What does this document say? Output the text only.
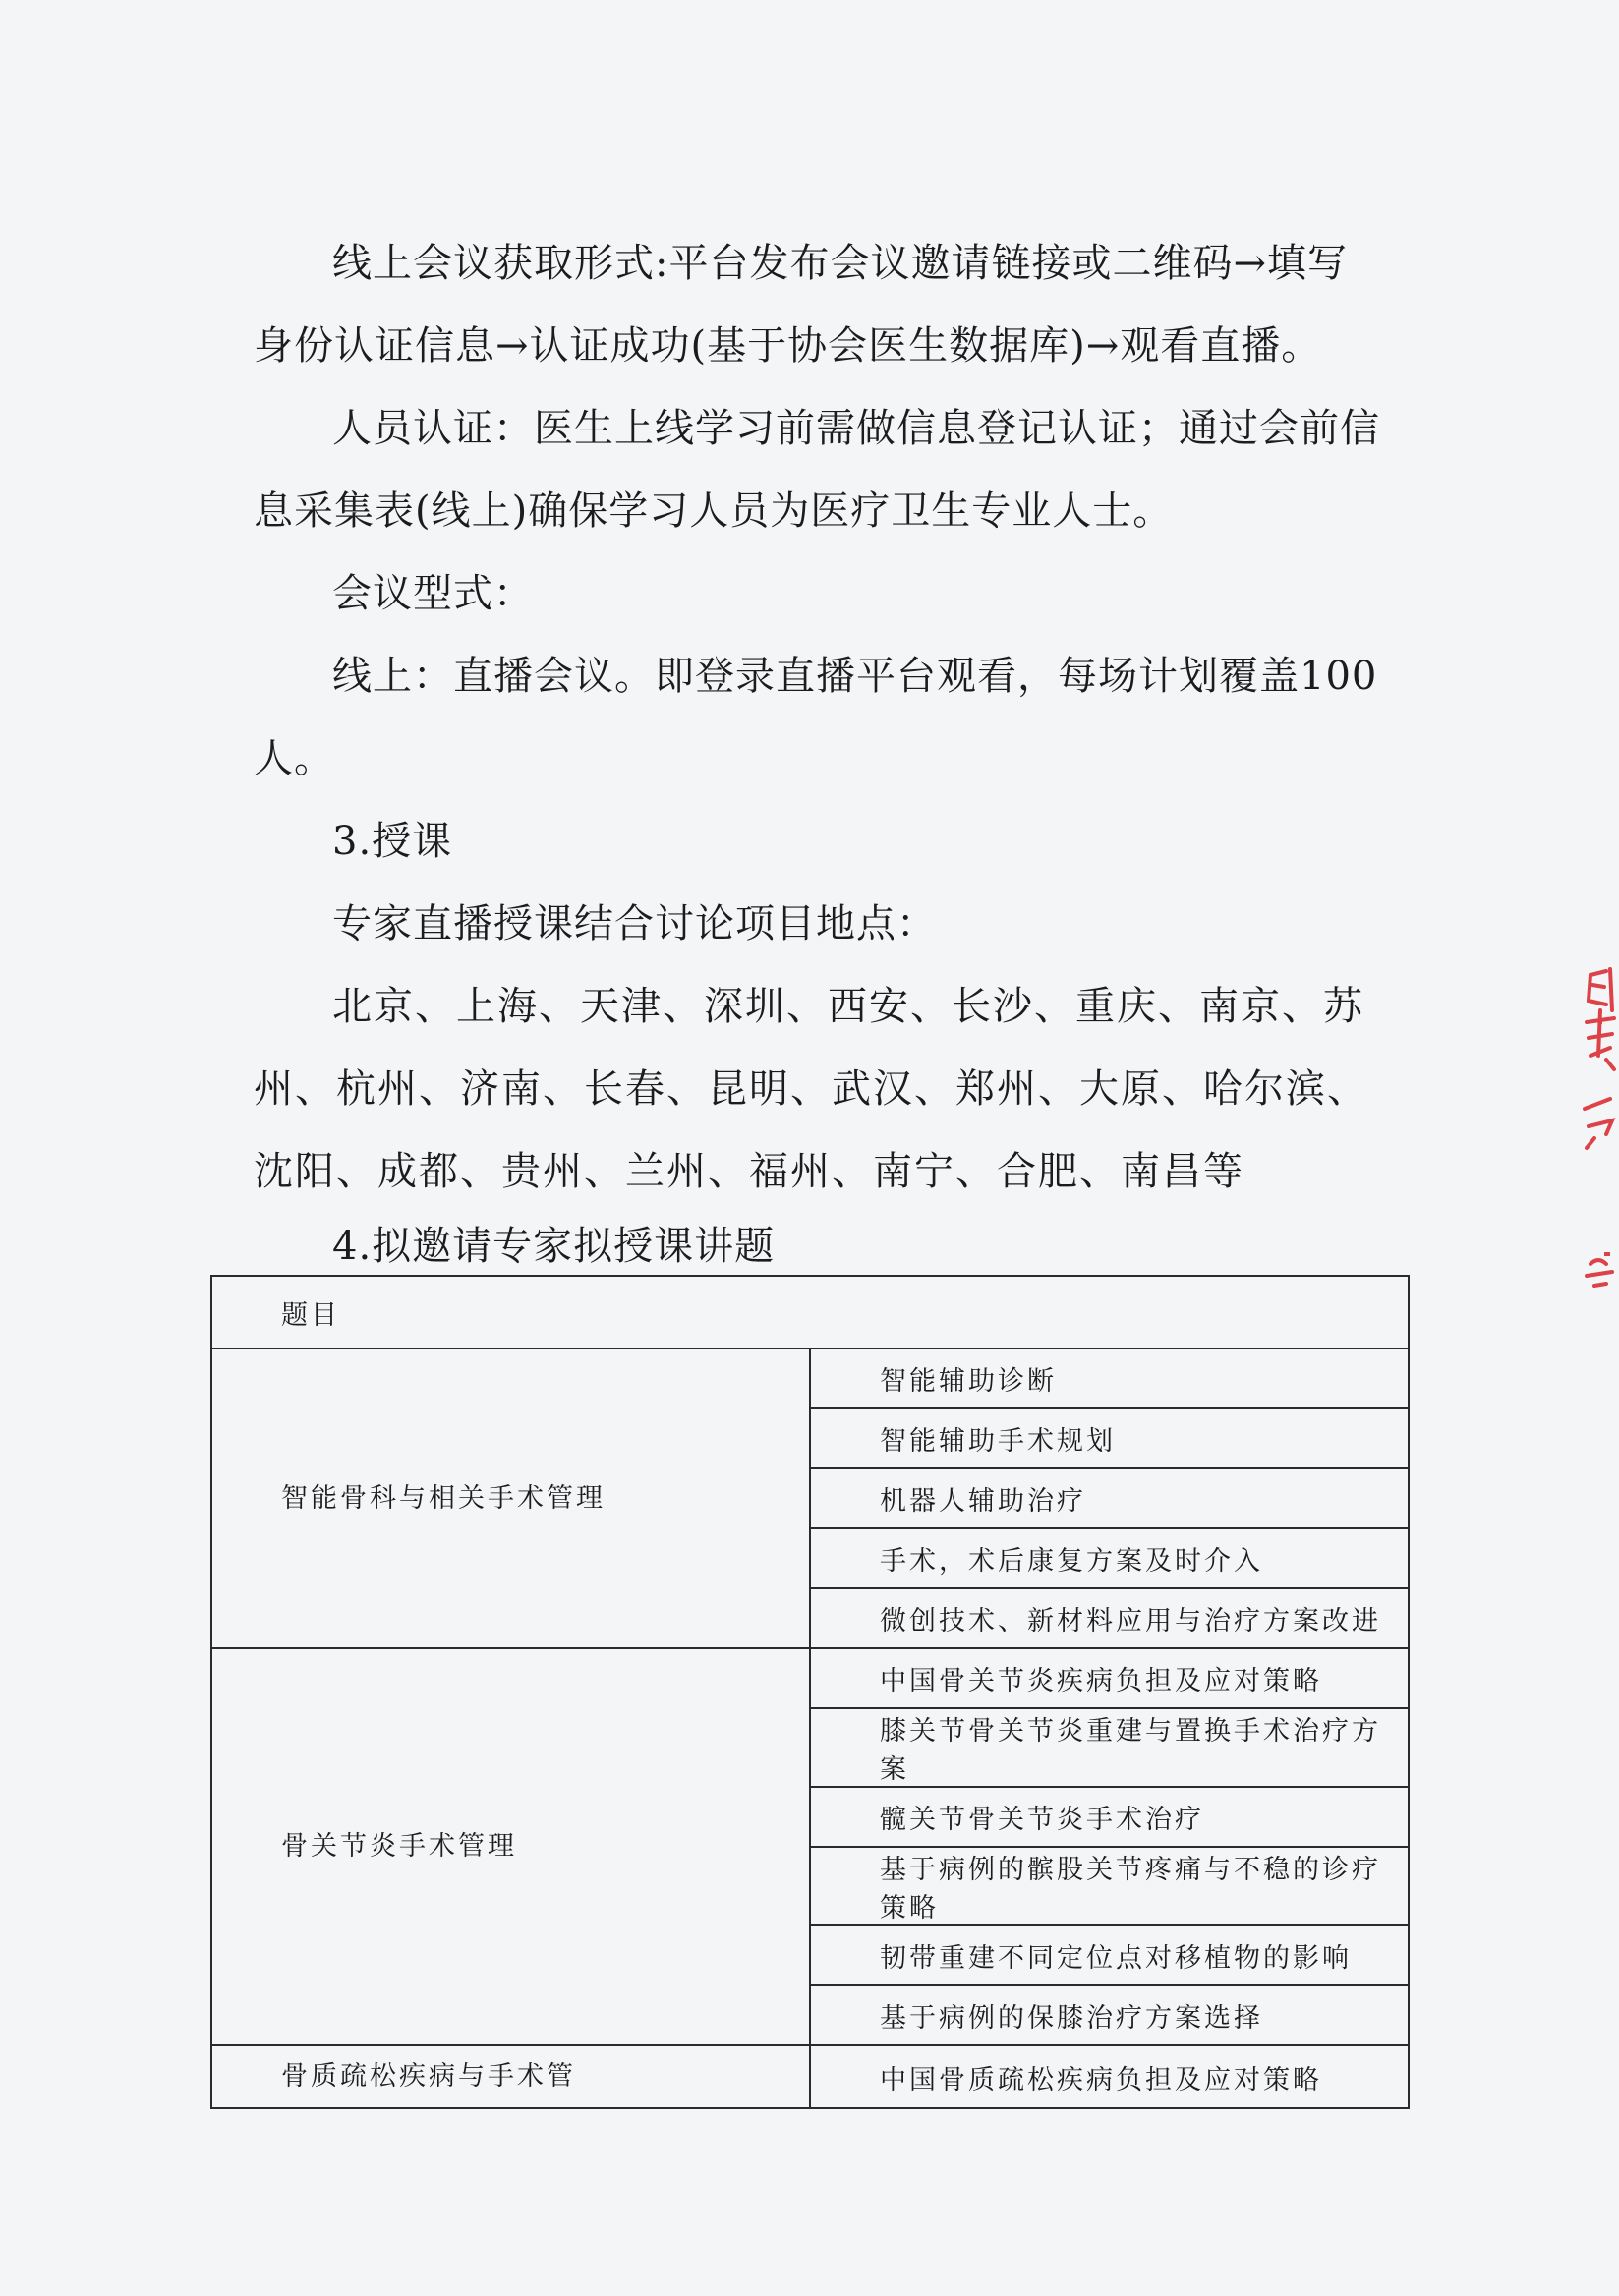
线上会议获取形式:平台发布会议邀请链接或二维码→填写身份认证信息→认证成功(基于协会医生数据库)→观看直播。
人员认证：医生上线学习前需做信息登记认证；通过会前信息采集表(线上)确保学习人员为医疗卫生专业人士。
会议型式：
线上：直播会议。即登录直播平台观看，每场计划覆盖100人。
3.授课
专家直播授课结合讨论项目地点：
北京、上海、天津、深圳、西安、长沙、重庆、南京、苏州、杭州、济南、长春、昆明、武汉、郑州、大原、哈尔滨、沈阳、成都、贵州、兰州、福州、南宁、合肥、南昌等
4.拟邀请专家拟授课讲题
题目	

智能骨科与相关手术管理	智能辅助诊断
	智能辅助手术规划
	机器人辅助治疗
	手术，术后康复方案及时介入
	微创技术、新材料应用与治疗方案改进

骨关节炎手术管理	中国骨关节炎疾病负担及应对策略
	膝关节骨关节炎重建与置换手术治疗方案
	髋关节骨关节炎手术治疗
	基于病例的髌股关节疼痛与不稳的诊疗策略
	韧带重建不同定位点对移植物的影响
	基于病例的保膝治疗方案选择

骨质疏松疾病与手术管	中国骨质疏松疾病负担及应对策略
